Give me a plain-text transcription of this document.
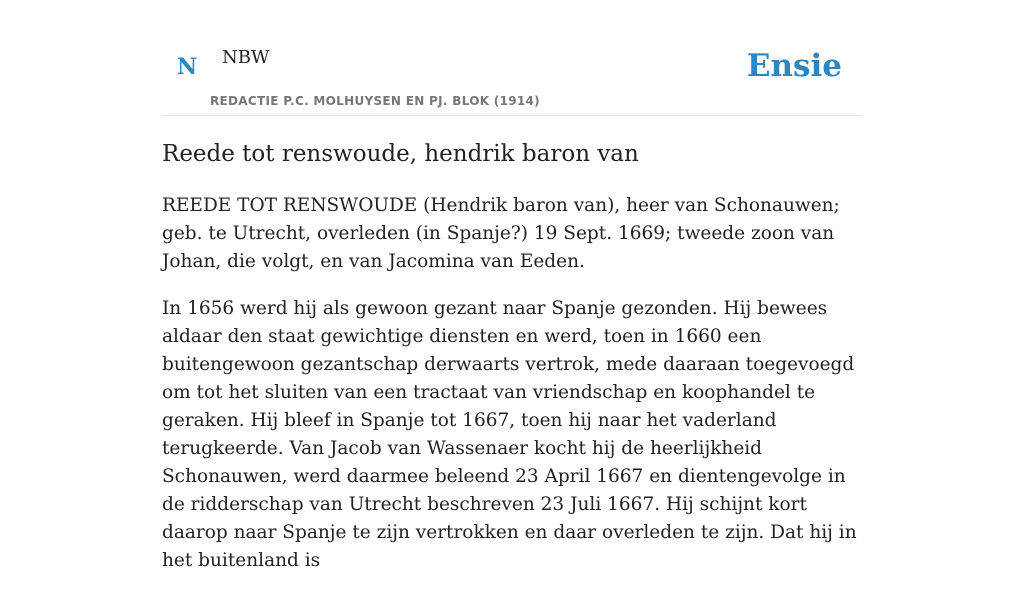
N NBW
REDACTIE P.C. MOLHUYSEN EN PJ. BLOK (1914)
Ensie
Reede tot renswoude, hendrik baron van

REEDE TOT RENSWOUDE (Hendrik baron van), heer van Schonauwen; geb. te Utrecht, overleden (in Spanje?) 19 Sept. 1669; tweede zoon van Johan, die volgt, en van Jacomina van Eeden.

In 1656 werd hij als gewoon gezant naar Spanje gezonden. Hij bewees aldaar den staat gewichtige diensten en werd, toen in 1660 een buitengewoon gezantschap derwaarts vertrok, mede daaraan toegevoegd om tot het sluiten van een tractaat van vriendschap en koophandel te geraken. Hij bleef in Spanje tot 1667, toen hij naar het vaderland terugkeerde. Van Jacob van Wassenaer kocht hij de heerlijkheid Schonauwen, werd daarmee beleend 23 April 1667 en dientengevolge in de ridderschap van Utrecht beschreven 23 Juli 1667. Hij schijnt kort daarop naar Spanje te zijn vertrokken en daar overleden te zijn. Dat hij in het buitenland is
